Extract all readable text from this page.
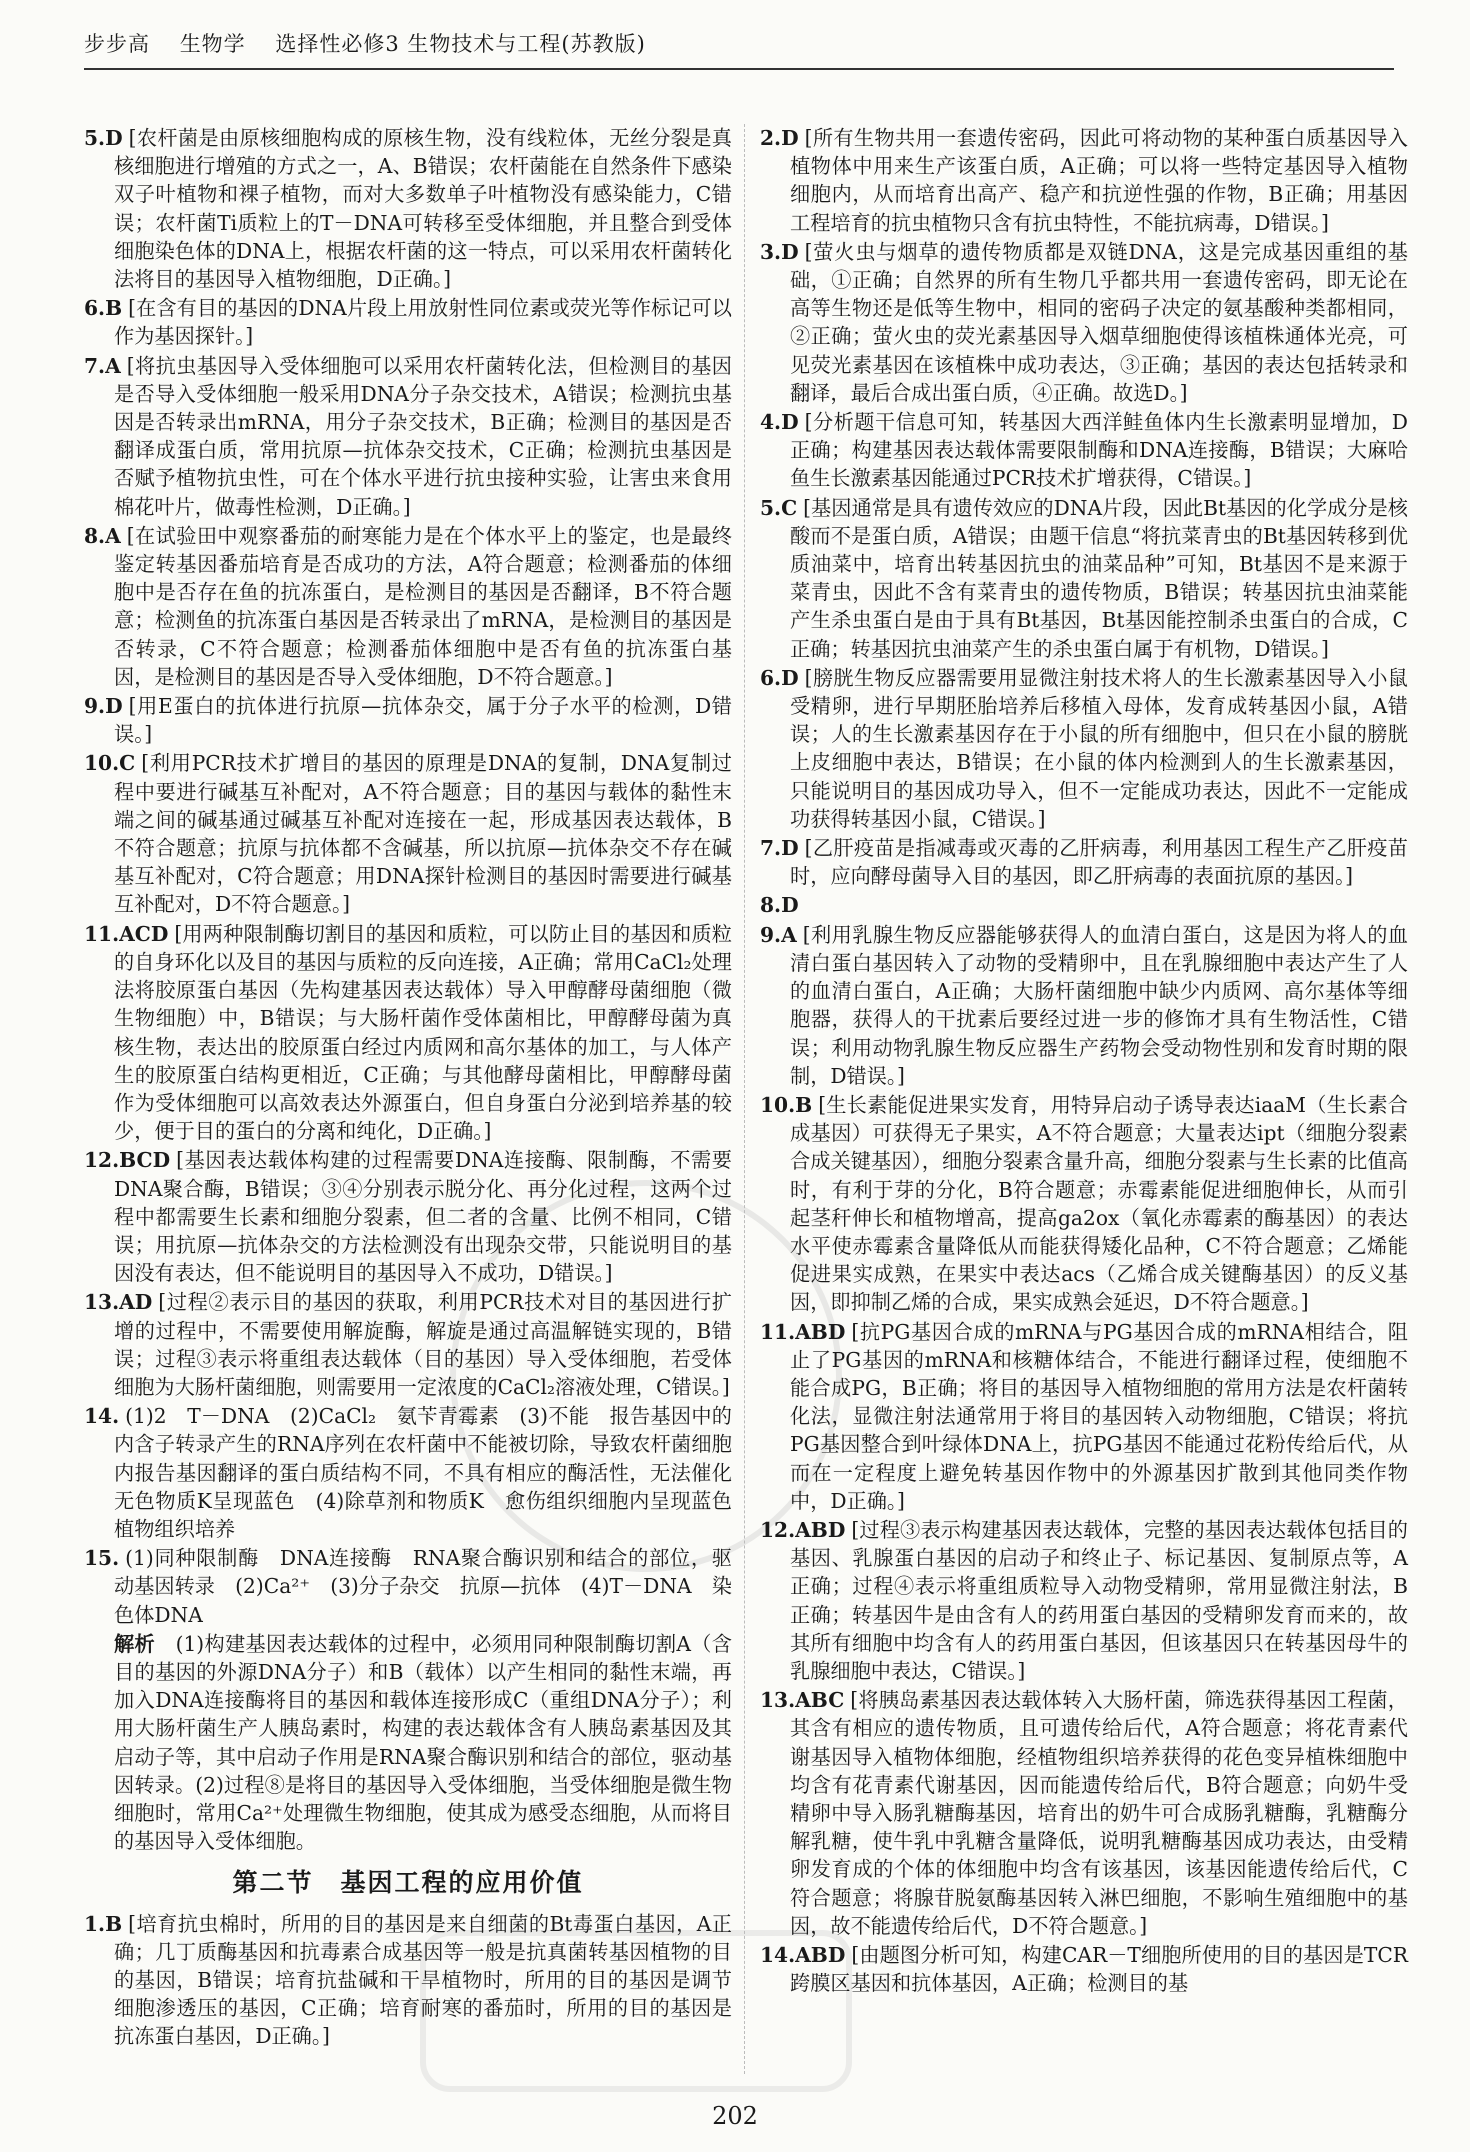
步步高 生物学 选择性必修3 生物技术与工程(苏教版)

5.D [农杆菌是由原核细胞构成的原核生物，没有线粒体，无丝分裂是真核细胞进行增殖的方式之一，A、B错误；农杆菌能在自然条件下感染双子叶植物和裸子植物，而对大多数单子叶植物没有感染能力，C错误；农杆菌Ti质粒上的T－DNA可转移至受体细胞，并且整合到受体细胞染色体的DNA上，根据农杆菌的这一特点，可以采用农杆菌转化法将目的基因导入植物细胞，D正确。]

6.B [在含有目的基因的DNA片段上用放射性同位素或荧光等作标记可以作为基因探针。]

7.A [将抗虫基因导入受体细胞可以采用农杆菌转化法，但检测目的基因是否导入受体细胞一般采用DNA分子杂交技术，A错误；检测抗虫基因是否转录出mRNA，用分子杂交技术，B正确；检测目的基因是否翻译成蛋白质，常用抗原—抗体杂交技术，C正确；检测抗虫基因是否赋予植物抗虫性，可在个体水平进行抗虫接种实验，让害虫来食用棉花叶片，做毒性检测，D正确。]

8.A [在试验田中观察番茄的耐寒能力是在个体水平上的鉴定，也是最终鉴定转基因番茄培育是否成功的方法，A符合题意；检测番茄的体细胞中是否存在鱼的抗冻蛋白，是检测目的基因是否翻译，B不符合题意；检测鱼的抗冻蛋白基因是否转录出了mRNA，是检测目的基因是否转录，C不符合题意；检测番茄体细胞中是否有鱼的抗冻蛋白基因，是检测目的基因是否导入受体细胞，D不符合题意。]

9.D [用E蛋白的抗体进行抗原—抗体杂交，属于分子水平的检测，D错误。]

10.C [利用PCR技术扩增目的基因的原理是DNA的复制，DNA复制过程中要进行碱基互补配对，A不符合题意；目的基因与载体的黏性末端之间的碱基通过碱基互补配对连接在一起，形成基因表达载体，B不符合题意；抗原与抗体都不含碱基，所以抗原—抗体杂交不存在碱基互补配对，C符合题意；用DNA探针检测目的基因时需要进行碱基互补配对，D不符合题意。]

11.ACD [用两种限制酶切割目的基因和质粒，可以防止目的基因和质粒的自身环化以及目的基因与质粒的反向连接，A正确；常用CaCl₂处理法将胶原蛋白基因（先构建基因表达载体）导入甲醇酵母菌细胞（微生物细胞）中，B错误；与大肠杆菌作受体菌相比，甲醇酵母菌为真核生物，表达出的胶原蛋白经过内质网和高尔基体的加工，与人体产生的胶原蛋白结构更相近，C正确；与其他酵母菌相比，甲醇酵母菌作为受体细胞可以高效表达外源蛋白，但自身蛋白分泌到培养基的较少，便于目的蛋白的分离和纯化，D正确。]

12.BCD [基因表达载体构建的过程需要DNA连接酶、限制酶，不需要DNA聚合酶，B错误；③④分别表示脱分化、再分化过程，这两个过程中都需要生长素和细胞分裂素，但二者的含量、比例不相同，C错误；用抗原—抗体杂交的方法检测没有出现杂交带，只能说明目的基因没有表达，但不能说明目的基因导入不成功，D错误。]

13.AD [过程②表示目的基因的获取，利用PCR技术对目的基因进行扩增的过程中，不需要使用解旋酶，解旋是通过高温解链实现的，B错误；过程③表示将重组表达载体（目的基因）导入受体细胞，若受体细胞为大肠杆菌细胞，则需要用一定浓度的CaCl₂溶液处理，C错误。]

14. (1)2　T－DNA　(2)CaCl₂　氨苄青霉素　(3)不能　报告基因中的内含子转录产生的RNA序列在农杆菌中不能被切除，导致农杆菌细胞内报告基因翻译的蛋白质结构不同，不具有相应的酶活性，无法催化无色物质K呈现蓝色　(4)除草剂和物质K　愈伤组织细胞内呈现蓝色　植物组织培养

15. (1)同种限制酶　DNA连接酶　RNA聚合酶识别和结合的部位，驱动基因转录　(2)Ca²⁺　(3)分子杂交　抗原—抗体　(4)T－DNA　染色体DNA

解析　 (1)构建基因表达载体的过程中，必须用同种限制酶切割A（含目的基因的外源DNA分子）和B（载体）以产生相同的黏性末端，再加入DNA连接酶将目的基因和载体连接形成C（重组DNA分子）；利用大肠杆菌生产人胰岛素时，构建的表达载体含有人胰岛素基因及其启动子等，其中启动子作用是RNA聚合酶识别和结合的部位，驱动基因转录。(2)过程⑧是将目的基因导入受体细胞，当受体细胞是微生物细胞时，常用Ca²⁺处理微生物细胞，使其成为感受态细胞，从而将目的基因导入受体细胞。

第二节　基因工程的应用价值

1.B [培育抗虫棉时，所用的目的基因是来自细菌的Bt毒蛋白基因，A正确；几丁质酶基因和抗毒素合成基因等一般是抗真菌转基因植物的目的基因，B错误；培育抗盐碱和干旱植物时，所用的目的基因是调节细胞渗透压的基因，C正确；培育耐寒的番茄时，所用的目的基因是抗冻蛋白基因，D正确。]

2.D [所有生物共用一套遗传密码，因此可将动物的某种蛋白质基因导入植物体中用来生产该蛋白质，A正确；可以将一些特定基因导入植物细胞内，从而培育出高产、稳产和抗逆性强的作物，B正确；用基因工程培育的抗虫植物只含有抗虫特性，不能抗病毒，D错误。]

3.D [萤火虫与烟草的遗传物质都是双链DNA，这是完成基因重组的基础，①正确；自然界的所有生物几乎都共用一套遗传密码，即无论在高等生物还是低等生物中，相同的密码子决定的氨基酸种类都相同，②正确；萤火虫的荧光素基因导入烟草细胞使得该植株通体光亮，可见荧光素基因在该植株中成功表达，③正确；基因的表达包括转录和翻译，最后合成出蛋白质，④正确。故选D。]

4.D [分析题干信息可知，转基因大西洋鲑鱼体内生长激素明显增加，D正确；构建基因表达载体需要限制酶和DNA连接酶，B错误；大麻哈鱼生长激素基因能通过PCR技术扩增获得，C错误。]

5.C [基因通常是具有遗传效应的DNA片段，因此Bt基因的化学成分是核酸而不是蛋白质，A错误；由题干信息“将抗菜青虫的Bt基因转移到优质油菜中，培育出转基因抗虫的油菜品种”可知，Bt基因不是来源于菜青虫，因此不含有菜青虫的遗传物质，B错误；转基因抗虫油菜能产生杀虫蛋白是由于具有Bt基因，Bt基因能控制杀虫蛋白的合成，C正确；转基因抗虫油菜产生的杀虫蛋白属于有机物，D错误。]

6.D [膀胱生物反应器需要用显微注射技术将人的生长激素基因导入小鼠受精卵，进行早期胚胎培养后移植入母体，发育成转基因小鼠，A错误；人的生长激素基因存在于小鼠的所有细胞中，但只在小鼠的膀胱上皮细胞中表达，B错误；在小鼠的体内检测到人的生长激素基因，只能说明目的基因成功导入，但不一定能成功表达，因此不一定能成功获得转基因小鼠，C错误。]

7.D [乙肝疫苗是指减毒或灭毒的乙肝病毒，利用基因工程生产乙肝疫苗时，应向酵母菌导入目的基因，即乙肝病毒的表面抗原的基因。]

8.D

9.A [利用乳腺生物反应器能够获得人的血清白蛋白，这是因为将人的血清白蛋白基因转入了动物的受精卵中，且在乳腺细胞中表达产生了人的血清白蛋白，A正确；大肠杆菌细胞中缺少内质网、高尔基体等细胞器，获得人的干扰素后要经过进一步的修饰才具有生物活性，C错误；利用动物乳腺生物反应器生产药物会受动物性别和发育时期的限制，D错误。]

10.B [生长素能促进果实发育，用特异启动子诱导表达iaaM（生长素合成基因）可获得无子果实，A不符合题意；大量表达ipt（细胞分裂素合成关键基因），细胞分裂素含量升高，细胞分裂素与生长素的比值高时，有利于芽的分化，B符合题意；赤霉素能促进细胞伸长，从而引起茎秆伸长和植物增高，提高ga2ox（氧化赤霉素的酶基因）的表达水平使赤霉素含量降低从而能获得矮化品种，C不符合题意；乙烯能促进果实成熟，在果实中表达acs（乙烯合成关键酶基因）的反义基因，即抑制乙烯的合成，果实成熟会延迟，D不符合题意。]

11.ABD [抗PG基因合成的mRNA与PG基因合成的mRNA相结合，阻止了PG基因的mRNA和核糖体结合，不能进行翻译过程，使细胞不能合成PG，B正确；将目的基因导入植物细胞的常用方法是农杆菌转化法，显微注射法通常用于将目的基因转入动物细胞，C错误；将抗PG基因整合到叶绿体DNA上，抗PG基因不能通过花粉传给后代，从而在一定程度上避免转基因作物中的外源基因扩散到其他同类作物中，D正确。]

12.ABD [过程③表示构建基因表达载体，完整的基因表达载体包括目的基因、乳腺蛋白基因的启动子和终止子、标记基因、复制原点等，A正确；过程④表示将重组质粒导入动物受精卵，常用显微注射法，B正确；转基因牛是由含有人的药用蛋白基因的受精卵发育而来的，故其所有细胞中均含有人的药用蛋白基因，但该基因只在转基因母牛的乳腺细胞中表达，C错误。]

13.ABC [将胰岛素基因表达载体转入大肠杆菌，筛选获得基因工程菌，其含有相应的遗传物质，且可遗传给后代，A符合题意；将花青素代谢基因导入植物体细胞，经植物组织培养获得的花色变异植株细胞中均含有花青素代谢基因，因而能遗传给后代，B符合题意；向奶牛受精卵中导入肠乳糖酶基因，培育出的奶牛可合成肠乳糖酶，乳糖酶分解乳糖，使牛乳中乳糖含量降低，说明乳糖酶基因成功表达，由受精卵发育成的个体的体细胞中均含有该基因，该基因能遗传给后代，C符合题意；将腺苷脱氨酶基因转入淋巴细胞，不影响生殖细胞中的基因，故不能遗传给后代，D不符合题意。]

14.ABD [由题图分析可知，构建CAR－T细胞所使用的目的基因是TCR跨膜区基因和抗体基因，A正确；检测目的基

202
